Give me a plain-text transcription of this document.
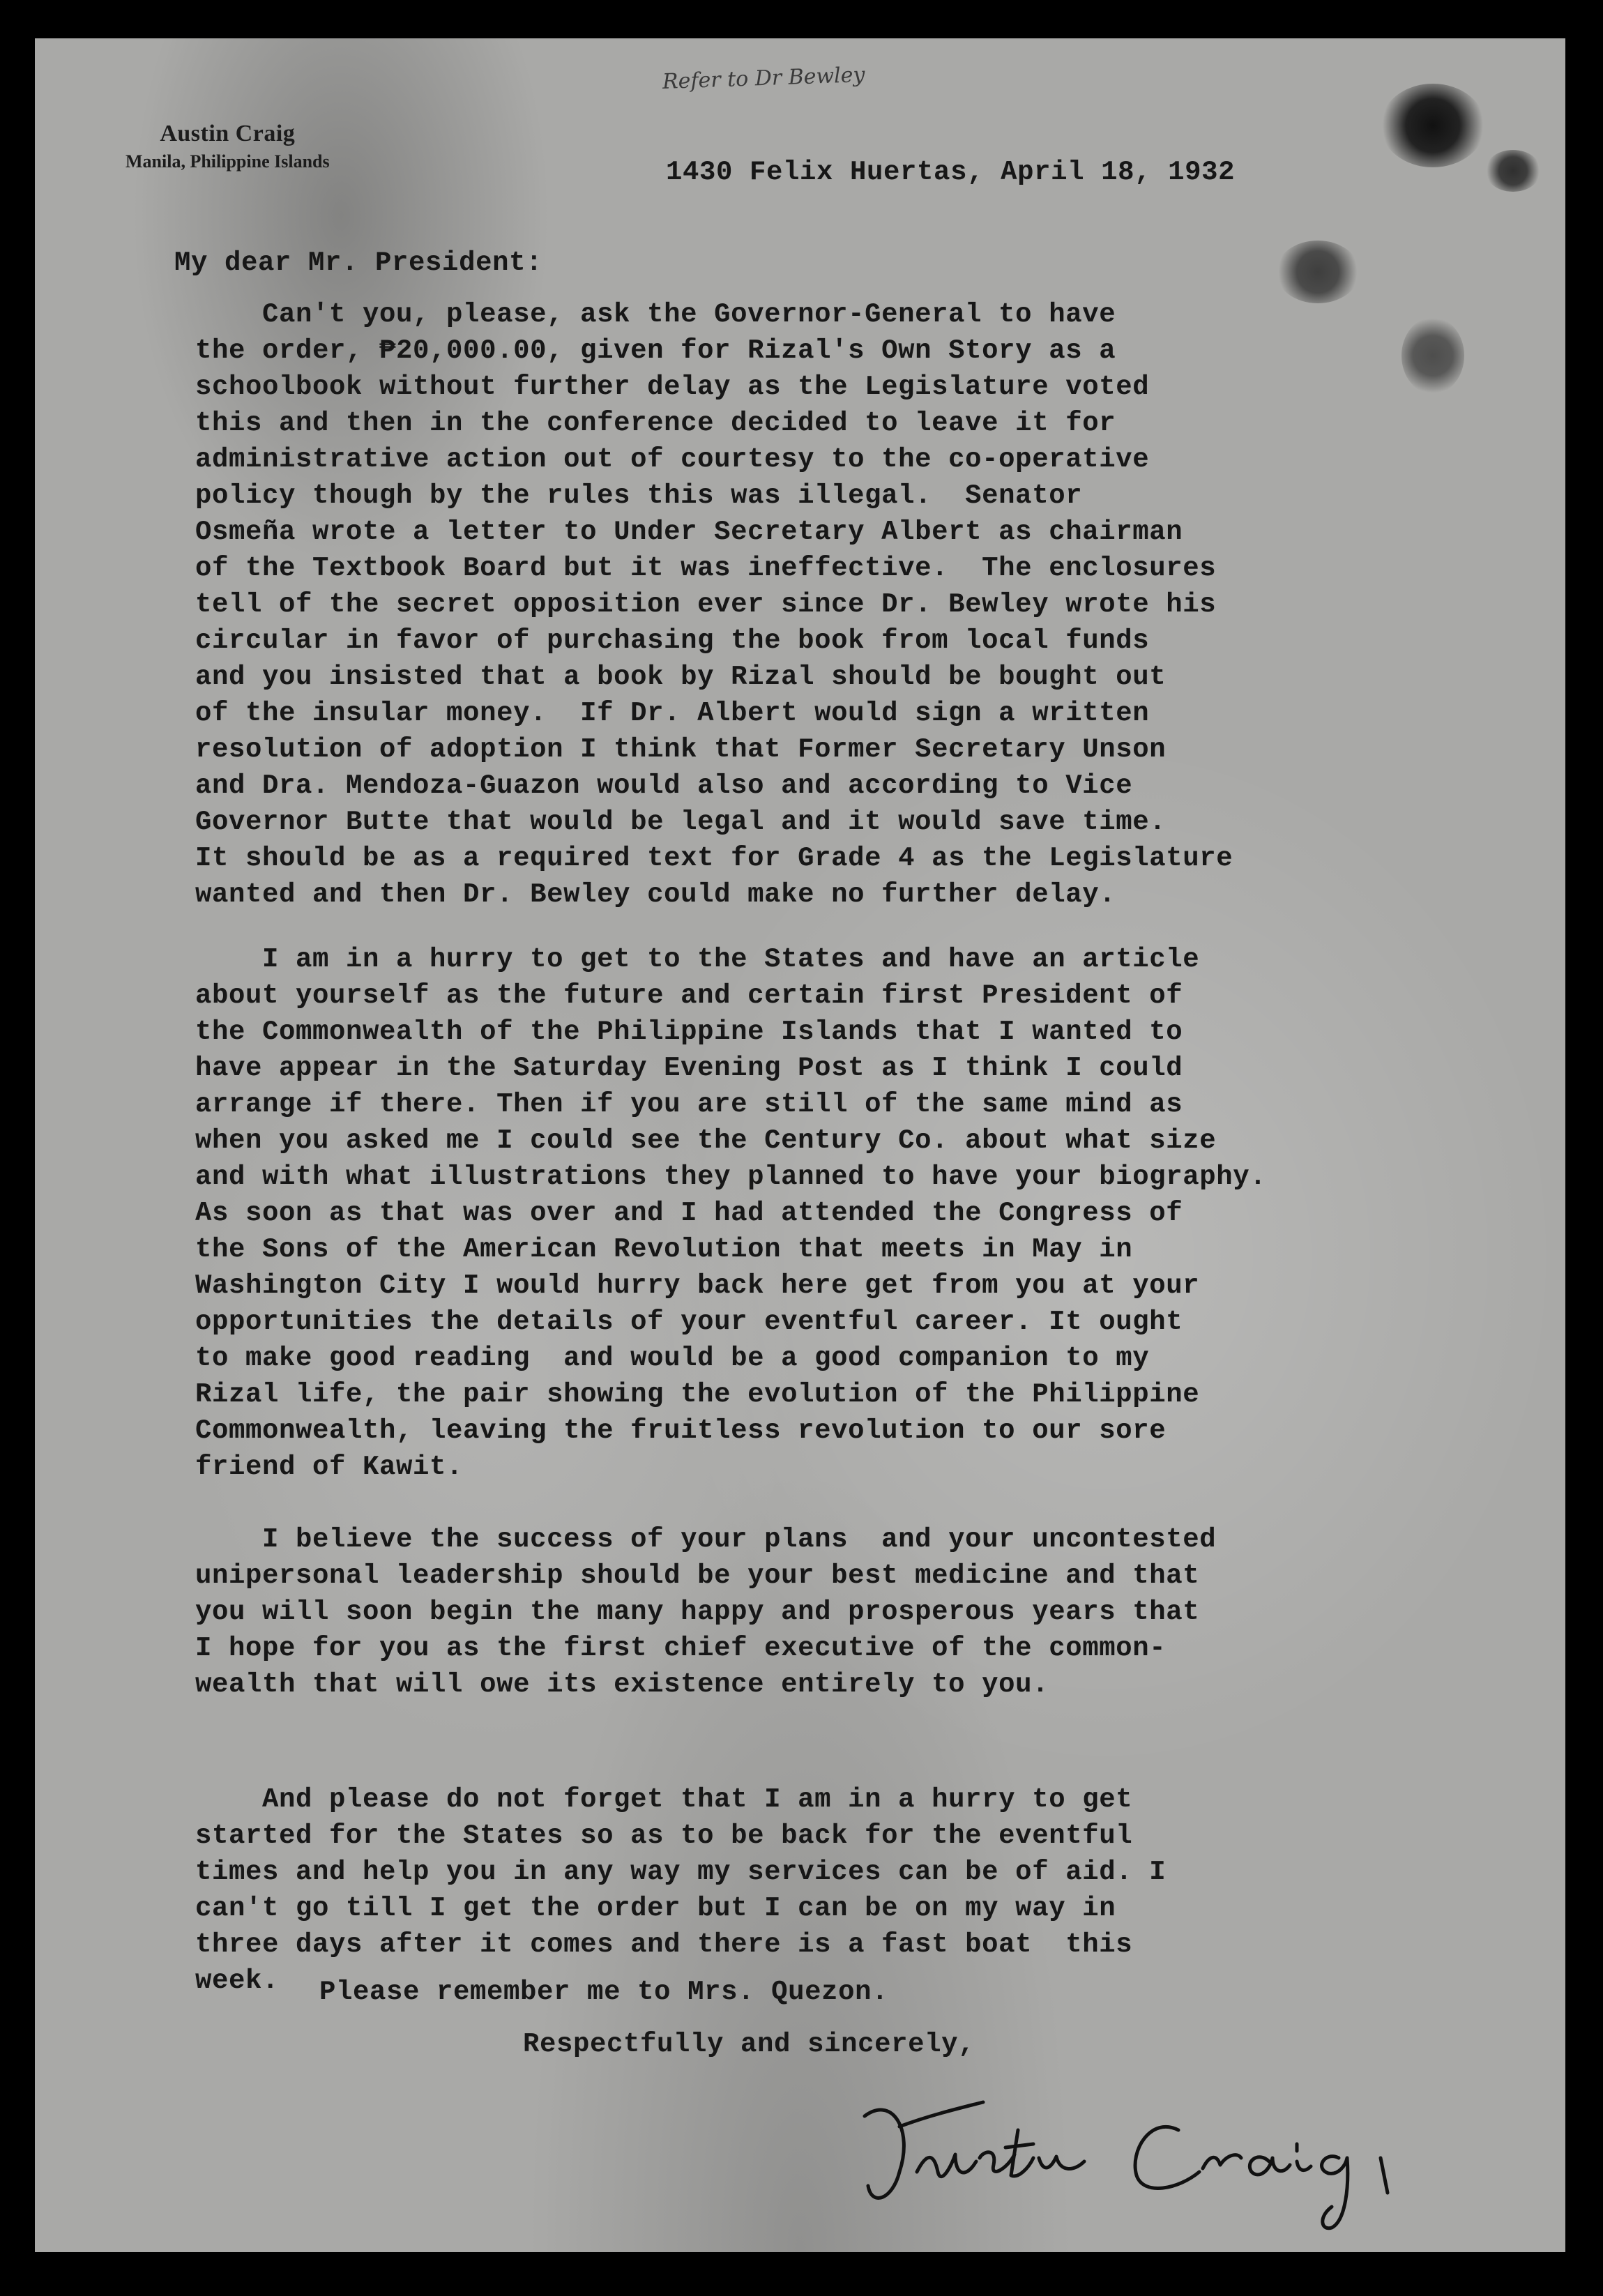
Austin Craig
Manila, Philippine Islands
Refer to Dr Bewley

1430 Felix Huertas, April 18, 1932

My dear Mr. President:

Can't you, please, ask the Governor-General to have
the order, ₱20,000.00, given for Rizal's Own Story as a
schoolbook without further delay as the Legislature voted
this and then in the conference decided to leave it for
administrative action out of courtesy to the co-operative
policy though by the rules this was illegal.  Senator
Osmeña wrote a letter to Under Secretary Albert as chairman
of the Textbook Board but it was ineffective.  The enclosures
tell of the secret opposition ever since Dr. Bewley wrote his
circular in favor of purchasing the book from local funds
and you insisted that a book by Rizal should be bought out
of the insular money.  If Dr. Albert would sign a written
resolution of adoption I think that Former Secretary Unson
and Dra. Mendoza-Guazon would also and according to Vice
Governor Butte that would be legal and it would save time.
It should be as a required text for Grade 4 as the Legislature
wanted and then Dr. Bewley could make no further delay.
I am in a hurry to get to the States and have an article
about yourself as the future and certain first President of
the Commonwealth of the Philippine Islands that I wanted to
have appear in the Saturday Evening Post as I think I could
arrange if there. Then if you are still of the same mind as
when you asked me I could see the Century Co. about what size
and with what illustrations they planned to have your biography.
As soon as that was over and I had attended the Congress of
the Sons of the American Revolution that meets in May in
Washington City I would hurry back here get from you at your
opportunities the details of your eventful career. It ought
to make good reading  and would be a good companion to my
Rizal life, the pair showing the evolution of the Philippine
Commonwealth, leaving the fruitless revolution to our sore
friend of Kawit.
I believe the success of your plans  and your uncontested
unipersonal leadership should be your best medicine and that
you will soon begin the many happy and prosperous years that
I hope for you as the first chief executive of the common-
wealth that will owe its existence entirely to you.
And please do not forget that I am in a hurry to get
started for the States so as to be back for the eventful
times and help you in any way my services can be of aid. I
can't go till I get the order but I can be on my way in
three days after it comes and there is a fast boat  this
week.	Please remember me to Mrs. Quezon.

Respectfully and sincerely,
